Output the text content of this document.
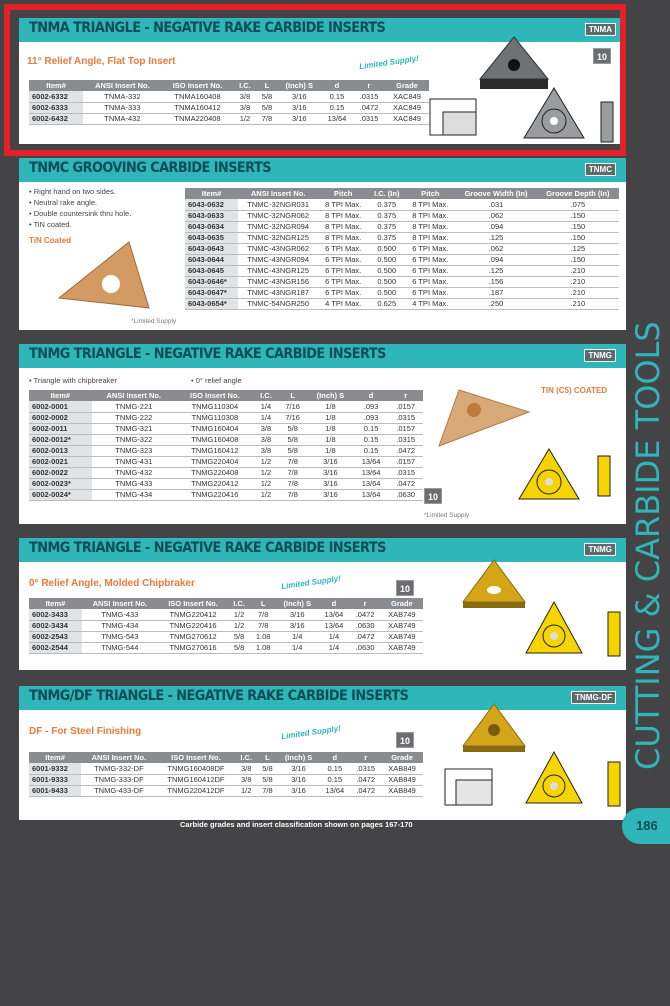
TNMA TRIANGLE - NEGATIVE RAKE CARBIDE INSERTS	TNMA
11° Relief Angle, Flat Top Insert	Limited Supply!	10
Item#	ANSI Insert No.	ISO Insert No.	I.C.	L	(Inch) S	d	r	Grade
6002-6332	TNMA-332	TNMA160408	3/8	5/8	3/16	0.15	.0315	XAC849
6002-6333	TNMA-333	TNMA160412	3/8	5/8	3/16	0.15	.0472	XAC849
6002-6432	TNMA-432	TNMA220408	1/2	7/8	3/16	13/64	.0315	XAC849
TNMC GROOVING CARBIDE INSERTS	TNMC
• Right hand on two sides.
• Neutral rake angle.
• Double countersink thru hole.
• TiN coated.
TiN Coated
*Limited Supply
Item#	ANSI Insert No.	Pitch	I.C. (In)	Pitch	Groove Width (In)	Groove Depth (In)
6043-0632	TNMC-32NGR031	8 TPI Max.	0.375	8 TPI Max.	.031	.075
6043-0633	TNMC-32NGR062	8 TPI Max.	0.375	8 TPI Max.	.062	.150
6043-0634	TNMC-32NGR094	8 TPI Max.	0.375	8 TPI Max.	.094	.150
6043-0635	TNMC-32NGR125	8 TPI Max.	0.375	8 TPI Max.	.125	.150
6043-0643	TNMC-43NGR062	6 TPI Max.	0.500	6 TPI Max.	.062	.125
6043-0644	TNMC-43NGR094	6 TPI Max.	0.500	6 TPI Max.	.094	.150
6043-0645	TNMC-43NGR125	6 TPI Max.	0.500	6 TPI Max.	.125	.210
6043-0646*	TNMC-43NGR156	6 TPI Max.	0.500	6 TPI Max.	.156	.210
6043-0647*	TNMC-43NGR187	6 TPI Max.	0.500	6 TPI Max.	.187	.210
6043-0654*	TNMC-54NGR250	4 TPI Max.	0.625	4 TPI Max.	.250	.210
TNMG TRIANGLE - NEGATIVE RAKE CARBIDE INSERTS	TNMG
• Triangle with chipbreaker	• 0° relief angle
TIN (C5) COATED
Item#	ANSI Insert No.	ISO Insert No.	I.C.	L	(Inch) S	d	r
6002-0001	TNMG-221	TNMG110304	1/4	7/16	1/8	.093	.0157
6002-0002	TNMG-222	TNMG110308	1/4	7/16	1/8	.093	.0315
6002-0011	TNMG-321	TNMG160404	3/8	5/8	1/8	0.15	.0157
6002-0012*	TNMG-322	TNMG160408	3/8	5/8	1/8	0.15	.0315
6002-0013	TNMG-323	TNMG160412	3/8	5/8	1/8	0.15	.0472
6002-0021	TNMG-431	TNMG220404	1/2	7/8	3/16	13/64	.0157
6002-0022	TNMG-432	TNMG220408	1/2	7/8	3/16	13/64	.0315
6002-0023*	TNMG-433	TNMG220412	1/2	7/8	3/16	13/64	.0472
6002-0024*	TNMG-434	TNMG220416	1/2	7/8	3/16	13/64	.0630	10
*Limited Supply
TNMG TRIANGLE - NEGATIVE RAKE CARBIDE INSERTS	TNMG
0° Relief Angle, Molded Chipbraker	Limited Supply!	10
Item#	ANSI Insert No.	ISO Insert No.	I.C.	L	(Inch) S	d	r	Grade
6002-3433	TNMG-433	TNMG220412	1/2	7/8	3/16	13/64	.0472	XAB749
6002-3434	TNMG-434	TNMG220416	1/2	7/8	3/16	13/64	.0630	XAB749
6002-2543	TNMG-543	TNMG270612	5/8	1.08	1/4	1/4	.0472	XAB749
6002-2544	TNMG-544	TNMG270616	5/8	1.08	1/4	1/4	.0630	XAB749
TNMG/DF TRIANGLE - NEGATIVE RAKE CARBIDE INSERTS	TNMG-DF
DF - For Steel Finishing	Limited Supply!	10
Item#	ANSI Insert No.	ISO Insert No.	I.C.	L	(Inch) S	d	r	Grade
6001-9332	TNMG-332-DF	TNMG160408DF	3/8	5/8	3/16	0.15	.0315	XAB849
6001-9333	TNMG-333-DF	TNMG160412DF	3/8	5/8	3/16	0.15	.0472	XAB849
6001-9433	TNMG-433-DF	TNMG220412DF	1/2	7/8	3/16	13/64	.0472	XAB849
CUTTING & CARBIDE TOOLS
Carbide grades and insert classification shown on pages 167-170	186
